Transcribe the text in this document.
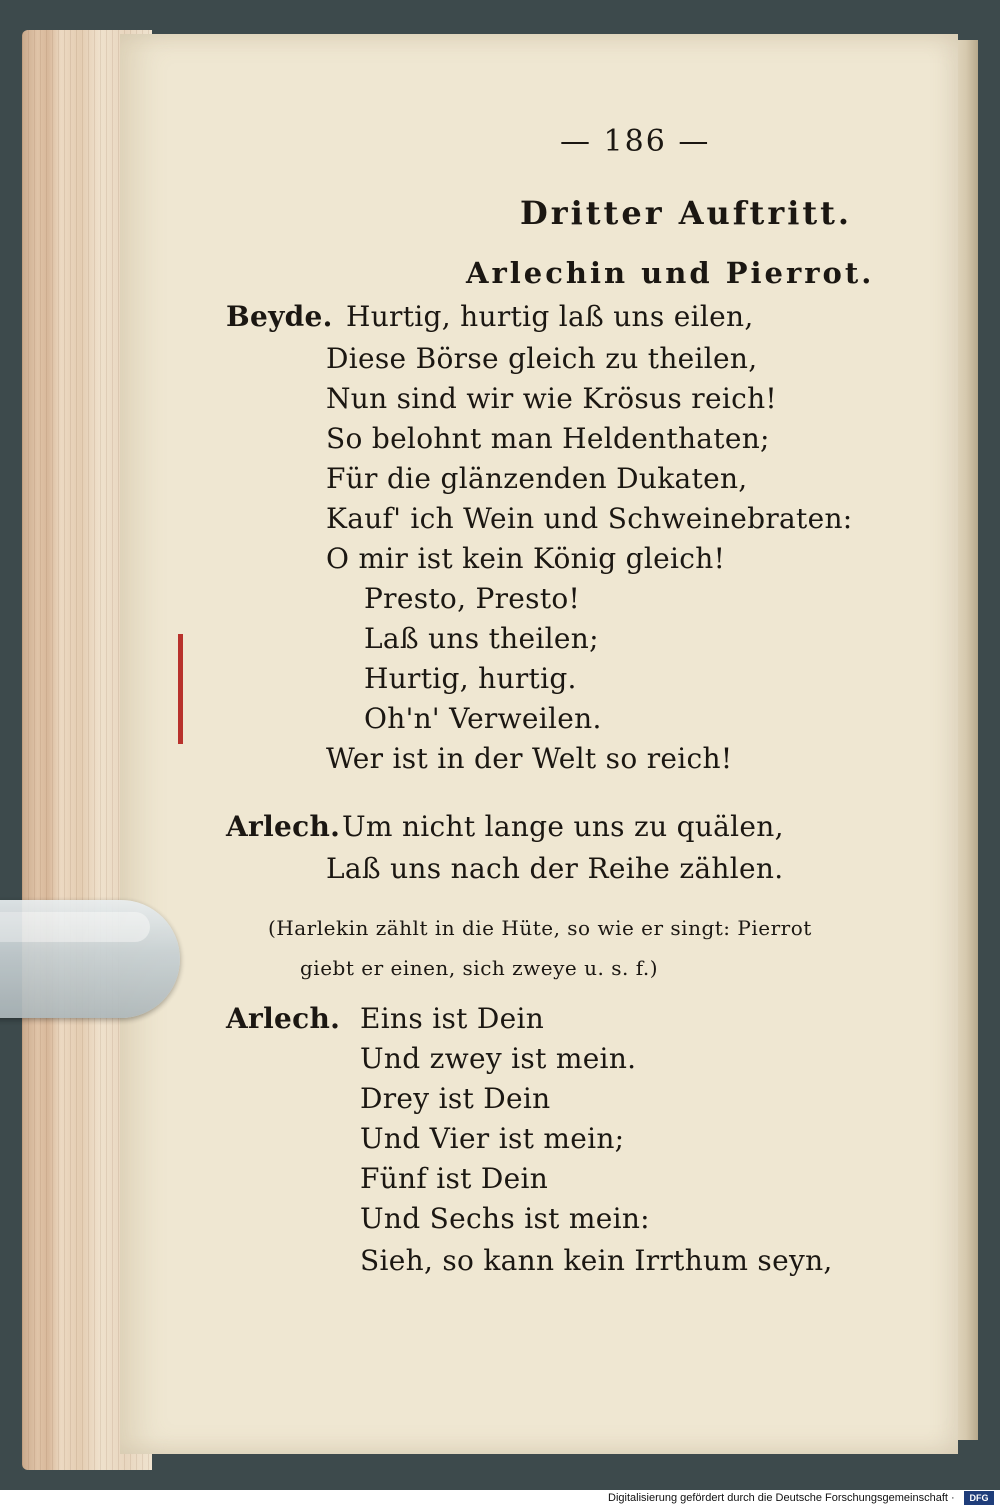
— 186 —
Dritter Auftritt.
Arlechin und Pierrot.
Beyde. Hurtig, hurtig laß uns eilen,
Diese Börse gleich zu theilen,
Nun sind wir wie Krösus reich!
So belohnt man Heldenthaten;
Für die glänzenden Dukaten,
Kauf' ich Wein und Schweinebraten:
O mir ist kein König gleich!
Presto, Presto!
Laß uns theilen;
Hurtig, hurtig.
Oh'n' Verweilen.
Wer ist in der Welt so reich!
Arlech. Um nicht lange uns zu quälen,
Laß uns nach der Reihe zählen.
(Harlekin zählt in die Hüte, so wie er singt: Pierrot
giebt er einen, sich zweye u. s. f.)
Arlech. Eins ist Dein
Und zwey ist mein.
Drey ist Dein
Und Vier ist mein;
Fünf ist Dein
Und Sechs ist mein:
Sieh, so kann kein Irrthum seyn,
Digitalisierung gefördert durch die Deutsche Forschungsgemeinschaft ·	DFG
